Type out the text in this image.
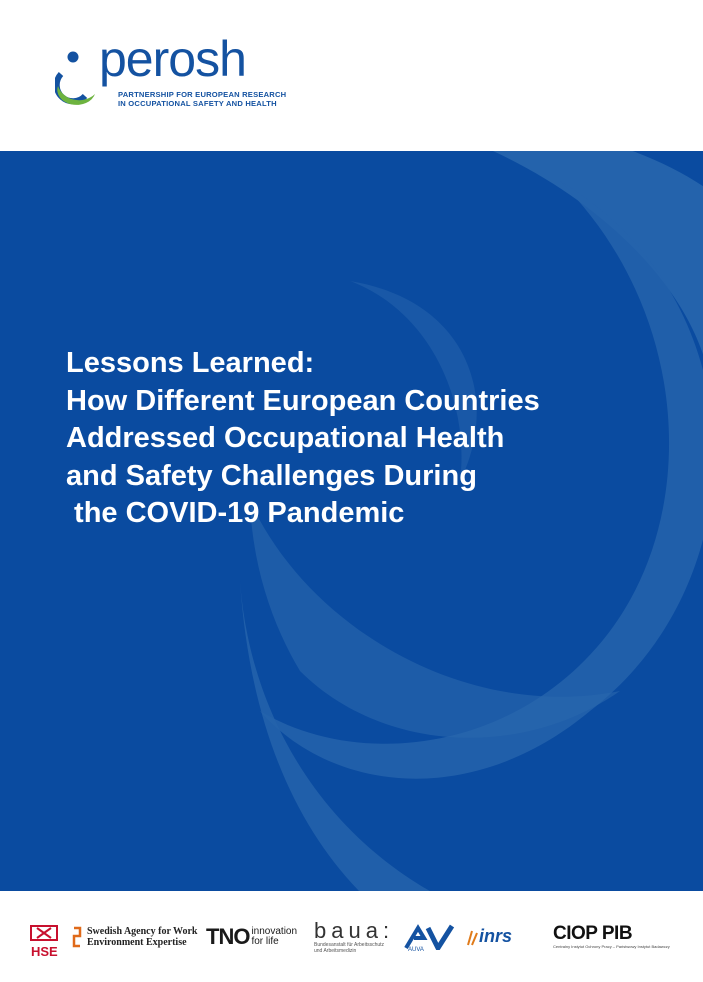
perosh
PARTNERSHIP FOR EUROPEAN RESEARCH
IN OCCUPATIONAL SAFETY AND HEALTH
Lessons Learned:
How Different European Countries
Addressed Occupational Health
and Safety Challenges During
the COVID-19 Pandemic
HSE
Swedish Agency for Work
Environment Expertise TNO innovation
for life	baua:
Bundesanstalt für Arbeitsschutz
und Arbeitsmedizin	AUVA
inrs CIOP PIB
Centralny Instytut Ochrony Pracy – Państwowy Instytut Badawczy
